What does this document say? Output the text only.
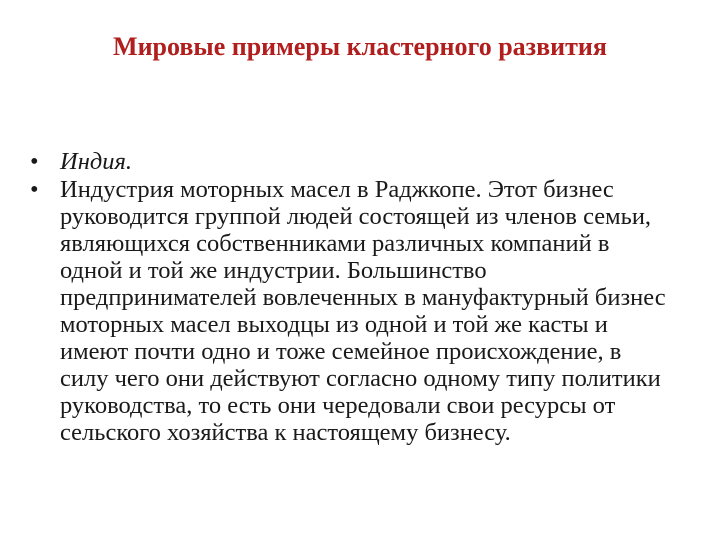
Мировые примеры кластерного развития
• Индия.
• Индустрия моторных масел в Раджкопе. Этот бизнес руководится группой людей состоящей из членов семьи, являющихся собственниками различных компаний в одной и той же индустрии. Большинство предпринимателей вовлеченных в мануфактурный бизнес моторных масел выходцы из одной и той же касты и имеют почти одно и тоже семейное происхождение, в силу чего они действуют согласно одному типу политики руководства, то есть они чередовали свои ресурсы от сельского хозяйства к настоящему бизнесу.
